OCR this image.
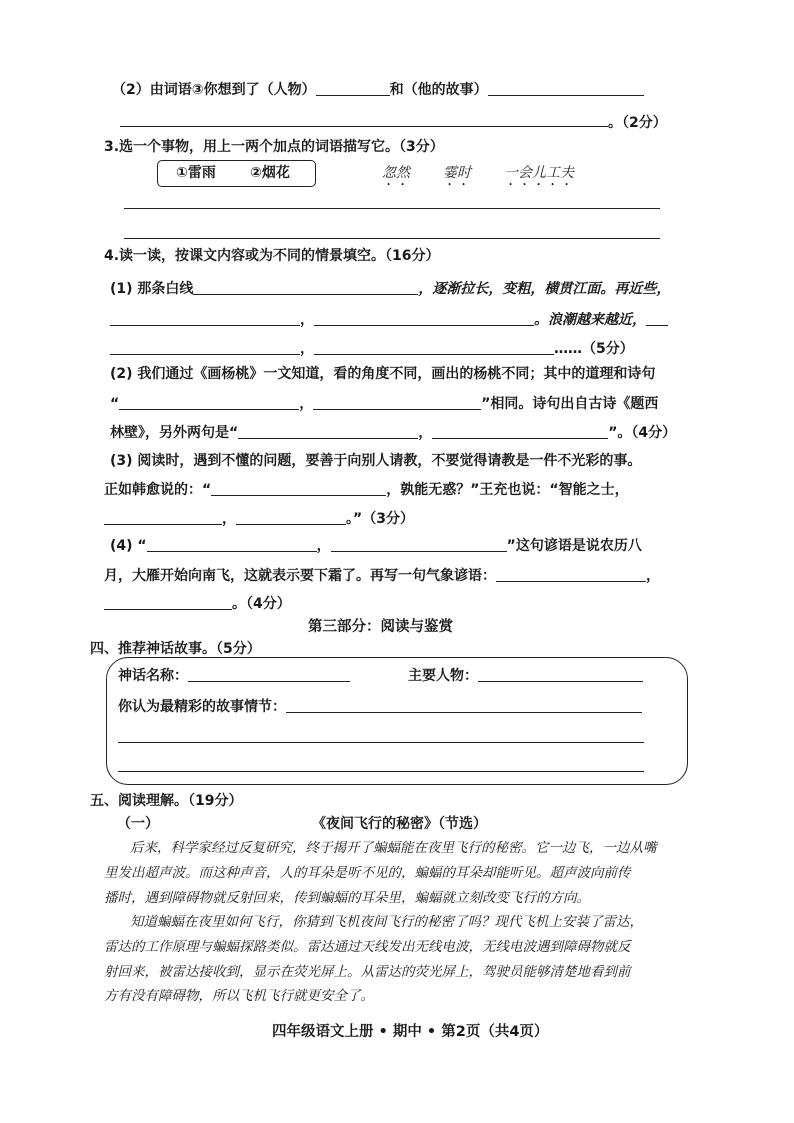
（2）由词语③你想到了（人物）	和（他的故事）
。（2分）
3.选一个事物，用上一两个加点的词语描写它。（3分）
①雷雨 ②烟花	忽然 霎时 一会儿工夫
4.读一读，按课文内容或为不同的情景填空。（16分）
(1) 那条白线	，逐渐拉长，变粗，横贯江面。再近些，
，	。浪潮越来越近，
，	……（5分）
(2) 我们通过《画杨桃》一文知道，看的角度不同，画出的杨桃不同；其中的道理和诗句
“	，	”相同。诗句出自古诗《题西
林壁》，另外两句是“	，	”。（4分）
(3) 阅读时，遇到不懂的问题，要善于向别人请教，不要觉得请教是一件不光彩的事。
正如韩愈说的：“	，孰能无惑？”王充也说：“智能之士，
，	。”（3分）
(4) “	，	”这句谚语是说农历八
月，大雁开始向南飞，这就表示要下霜了。再写一句气象谚语：	，
。（4分）
第三部分：阅读与鉴赏
四、推荐神话故事。（5分）
神话名称：	主要人物：
你认为最精彩的故事情节：
五、阅读理解。（19分）
（一）	《夜间飞行的秘密》（节选）
后来，科学家经过反复研究，终于揭开了蝙蝠能在夜里飞行的秘密。它一边飞，一边从嘴
里发出超声波。而这种声音，人的耳朵是听不见的，蝙蝠的耳朵却能听见。超声波向前传
播时，遇到障碍物就反射回来，传到蝙蝠的耳朵里，蝙蝠就立刻改变飞行的方向。
知道蝙蝠在夜里如何飞行，你猜到飞机夜间飞行的秘密了吗？现代飞机上安装了雷达，
雷达的工作原理与蝙蝠探路类似。雷达通过天线发出无线电波，无线电波遇到障碍物就反
射回来，被雷达接收到，显示在荧光屏上。从雷达的荧光屏上，驾驶员能够清楚地看到前
方有没有障碍物，所以飞机飞行就更安全了。
四年级语文上册 • 期中 • 第2页（共4页）
